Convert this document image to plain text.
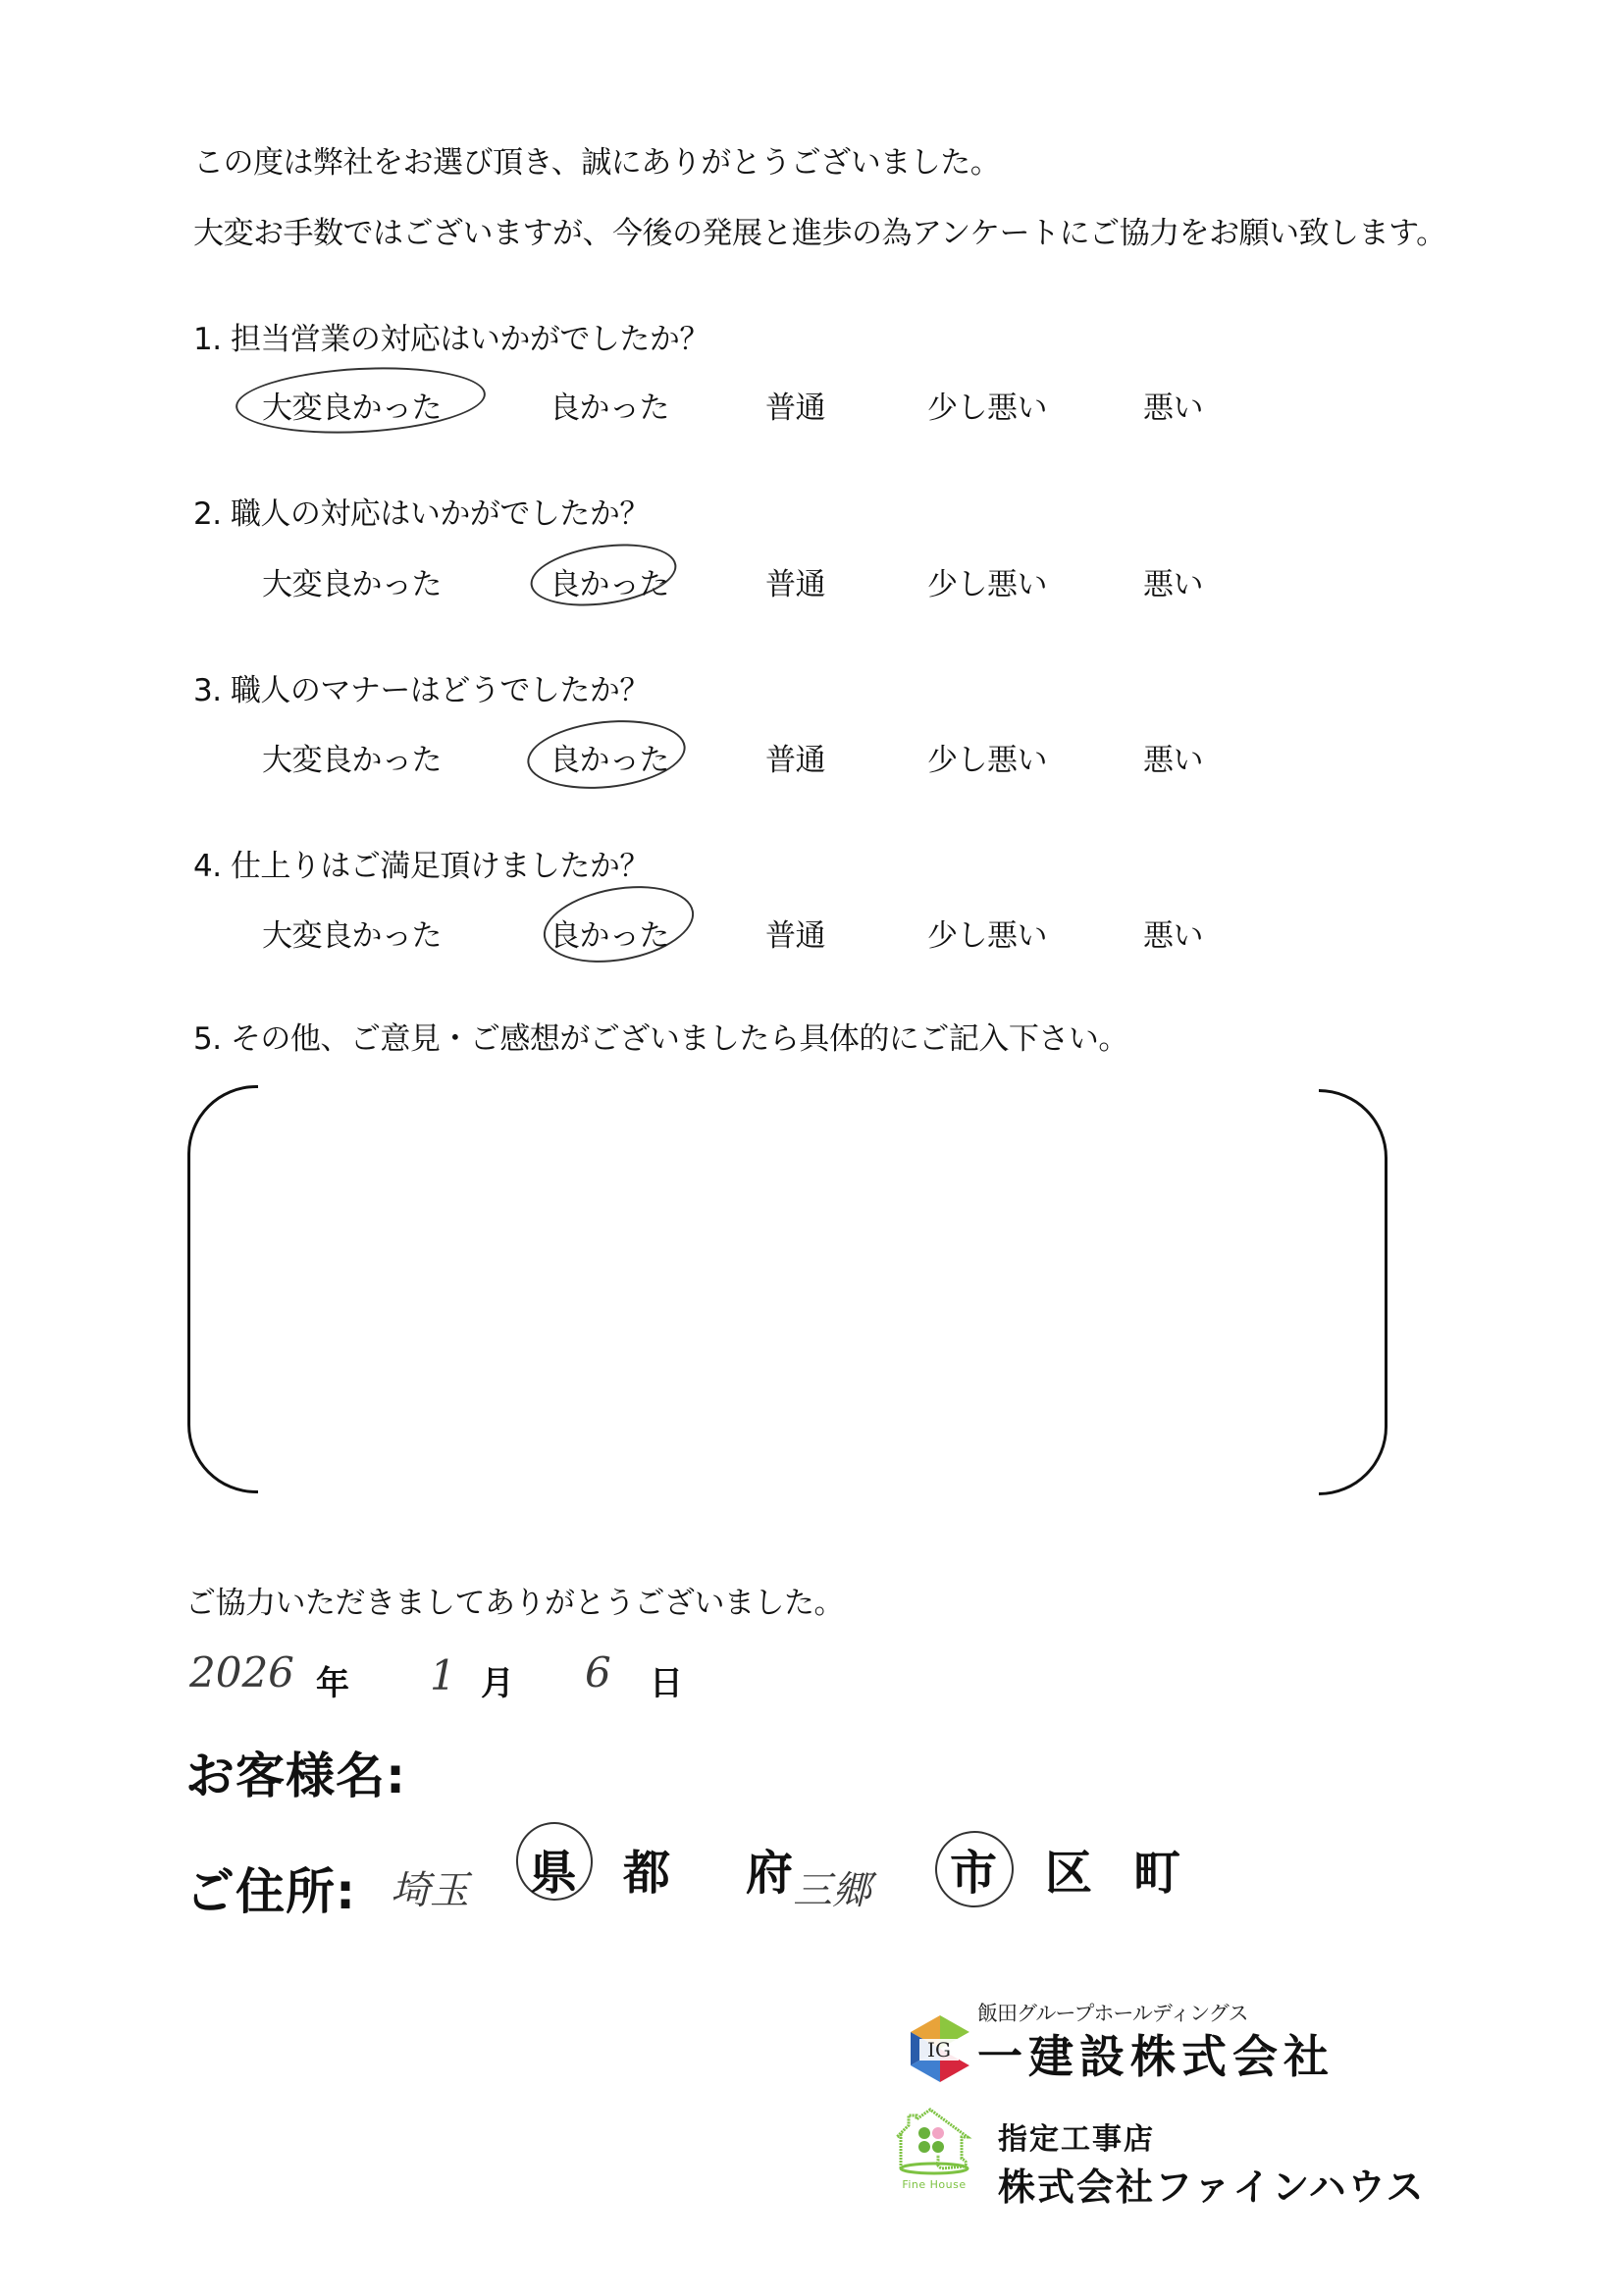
この度は弊社をお選び頂き、誠にありがとうございました。
大変お手数ではございますが、今後の発展と進歩の為アンケートにご協力をお願い致します。
1. 担当営業の対応はいかがでしたか？
大変良かった	良かった	普通	少し悪い	悪い
2. 職人の対応はいかがでしたか？
大変良かった	良かった	普通	少し悪い	悪い
3. 職人のマナーはどうでしたか？
大変良かった	良かった	普通	少し悪い	悪い
4. 仕上りはご満足頂けましたか？
大変良かった	良かった	普通	少し悪い	悪い
5. その他、ご意見・ご感想がございましたら具体的にご記入下さい。
ご協力いただきましてありがとうございました。
2026 年 1 月 6 日
お客様名:
ご住所: 埼玉 県 都 府 三郷 市 区 町
飯田グループホールディングス
IG 一建設株式会社
Fine House
指定工事店
株式会社ファインハウス
